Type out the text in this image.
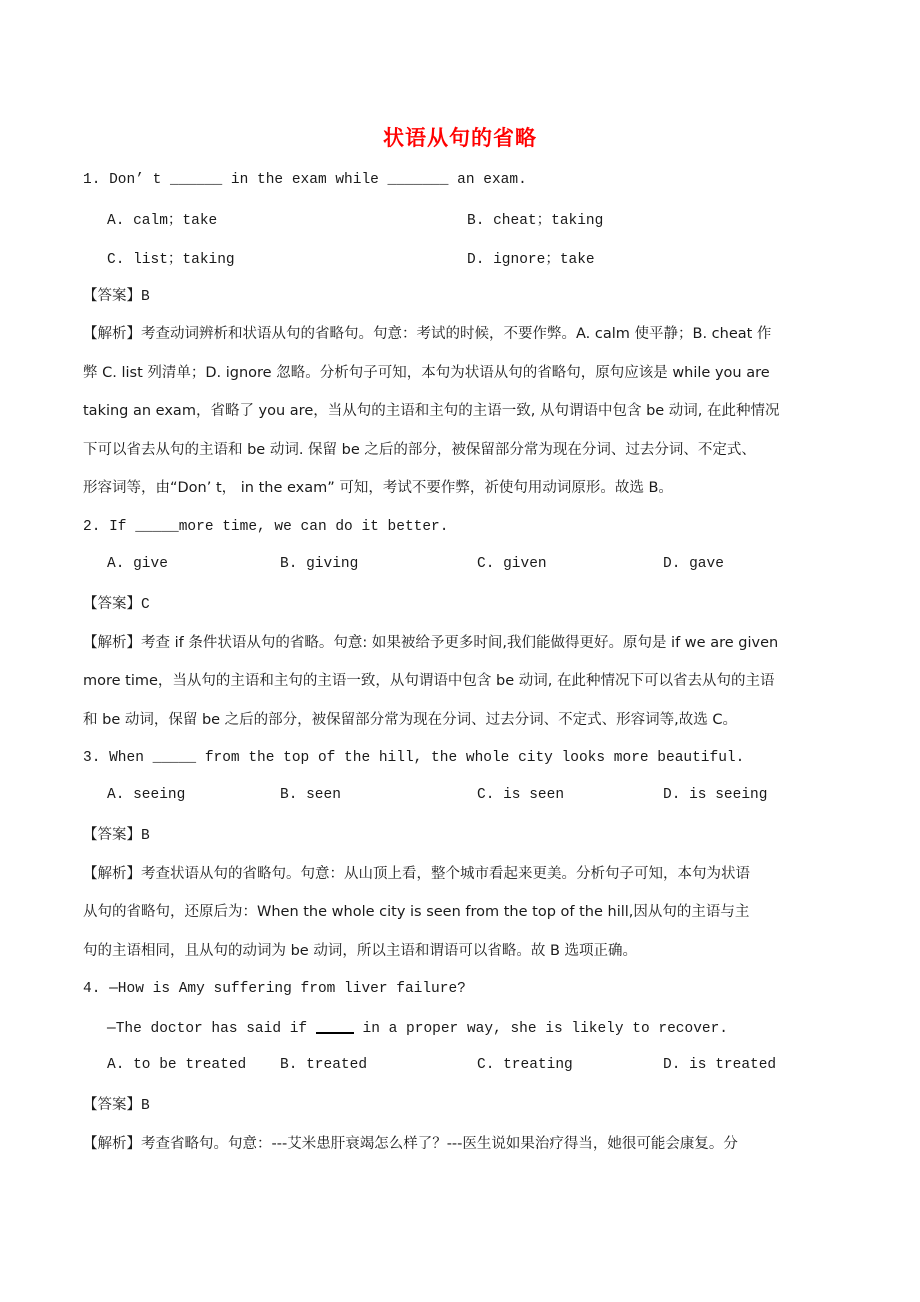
状语从句的省略
1. Don’ t ______ in the exam while _______ an exam.
A. calm；take	B. cheat；taking
C. list；taking	D. ignore；take
【答案】B
【解析】考查动词辨析和状语从句的省略句。句意：考试的时候，不要作弊。A. calm 使平静；B. cheat 作
弊 C. list 列清单；D. ignore 忽略。分析句子可知，本句为状语从句的省略句，原句应该是 while you are
taking an exam，省略了 you are，当从句的主语和主句的主语一致, 从句谓语中包含 be 动词, 在此种情况
下可以省去从句的主语和 be 动词. 保留 be 之后的部分，被保留部分常为现在分词、过去分词、不定式、
形容词等，由“Don’ t， in the exam” 可知，考试不要作弊，祈使句用动词原形。故选 B。
2. If _____more time, we can do it better.
A. give	B. giving	C. given	D. gave
【答案】C
【解析】考查 if 条件状语从句的省略。句意: 如果被给予更多时间,我们能做得更好。原句是 if we are given
more time，当从句的主语和主句的主语一致，从句谓语中包含 be 动词, 在此种情况下可以省去从句的主语
和 be 动词，保留 be 之后的部分，被保留部分常为现在分词、过去分词、不定式、形容词等,故选 C。
3. When _____ from the top of the hill, the whole city looks more beautiful.
A. seeing	B. seen	C. is seen	D. is seeing
【答案】B
【解析】考查状语从句的省略句。句意：从山顶上看，整个城市看起来更美。分析句子可知，本句为状语
从句的省略句，还原后为：When the whole city is seen from the top of the hill,因从句的主语与主
句的主语相同，且从句的动词为 be 动词，所以主语和谓语可以省略。故 B 选项正确。
4. —How is Amy suffering from liver failure?
—The doctor has said if	in a proper way, she is likely to recover.
A. to be treated B. treated	C. treating	D. is treated
【答案】B
【解析】考查省略句。句意：---艾米患肝衰竭怎么样了？---医生说如果治疗得当，她很可能会康复。分
